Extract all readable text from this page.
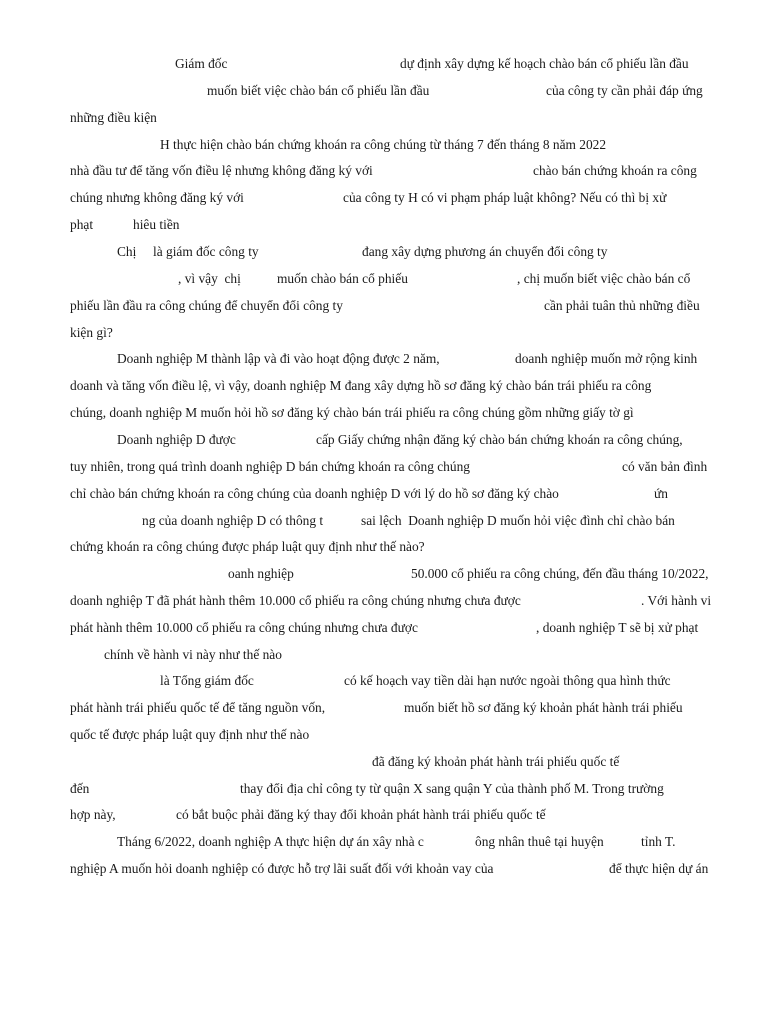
Giám đốc	dự định xây dựng kế hoạch chào bán cổ phiếu lần đầu
muốn biết việc chào bán cổ phiếu lần đầu	của công ty cần phải đáp ứng
những điều kiện
H thực hiện chào bán chứng khoán ra công chúng từ tháng 7 đến tháng 8 năm 2022
nhà đầu tư để tăng vốn điều lệ nhưng không đăng ký với	chào bán chứng khoán ra công
chúng nhưng không đăng ký với	của công ty H có vi phạm pháp luật không? Nếu có thì bị xử
phạt	hiêu tiền
Chị là giám đốc công ty	đang xây dựng phương án chuyển đổi công ty
, vì vậy  chị	muốn chào bán cổ phiếu	, chị muốn biết việc chào bán cổ
phiếu lần đầu ra công chúng để chuyển đổi công ty	cần phải tuân thủ những điều
kiện gì?
Doanh nghiệp M thành lập và đi vào hoạt động được 2 năm,	doanh nghiệp muốn mở rộng kinh
doanh và tăng vốn điều lệ, vì vậy, doanh nghiệp M đang xây dựng hồ sơ đăng ký chào bán trái phiếu ra công
chúng, doanh nghiệp M muốn hỏi hồ sơ đăng ký chào bán trái phiếu ra công chúng gồm những giấy tờ gì
Doanh nghiệp D được	cấp Giấy chứng nhận đăng ký chào bán chứng khoán ra công chúng,
tuy nhiên, trong quá trình doanh nghiệp D bán chứng khoán ra công chúng	có văn bản đình
chỉ chào bán chứng khoán ra công chúng của doanh nghiệp D với lý do hồ sơ đăng ký chào	ứn
ng của doanh nghiệp D có thông t	sai lệch  Doanh nghiệp D muốn hỏi việc đình chỉ chào bán
chứng khoán ra công chúng được pháp luật quy định như thế nào?
oanh nghiệp	50.000 cổ phiếu ra công chúng, đến đầu tháng 10/2022,
doanh nghiệp T đã phát hành thêm 10.000 cổ phiếu ra công chúng nhưng chưa được	. Với hành vi
phát hành thêm 10.000 cổ phiếu ra công chúng nhưng chưa được	, doanh nghiệp T sẽ bị xử phạt
chính về hành vi này như thế nào
là Tổng giám đốc	có kế hoạch vay tiền dài hạn nước ngoài thông qua hình thức
phát hành trái phiếu quốc tế để tăng nguồn vốn,	muốn biết hồ sơ đăng ký khoản phát hành trái phiếu
quốc tế được pháp luật quy định như thế nào
đã đăng ký khoản phát hành trái phiếu quốc tế
đến	thay đổi địa chỉ công ty từ quận X sang quận Y của thành phố M. Trong trường
hợp này,	có bắt buộc phải đăng ký thay đổi khoản phát hành trái phiếu quốc tế
Tháng 6/2022, doanh nghiệp A thực hiện dự án xây nhà c	ông nhân thuê tại huyện	tỉnh T.
nghiệp A muốn hỏi doanh nghiệp có được hỗ trợ lãi suất đối với khoản vay của	để thực hiện dự án
